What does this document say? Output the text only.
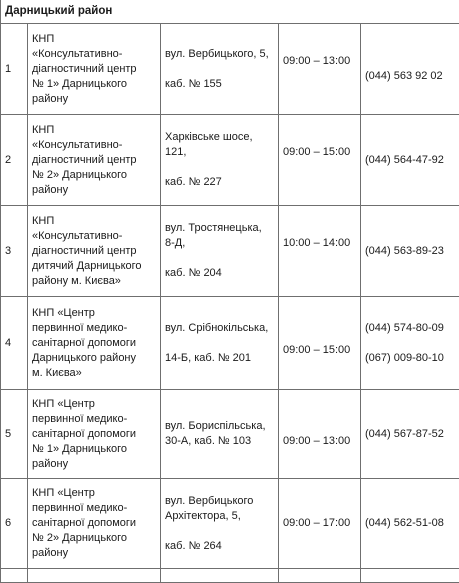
Дарницький район				
1	КНП
«Консультативно-
діагностичний центр
№ 1» Дарницького
району	вул. Вербицького, 5,
каб. № 155	09:00 – 13:00	(044) 563 92 02

2	КНП
«Консультативно-
діагностичний центр
№ 2» Дарницького
району	Харківське шосе,
121,
каб. № 227	09:00 – 15:00	(044) 564-47-92

3	КНП
«Консультативно-
діагностичний центр
дитячий Дарницького
району м. Києва»	вул. Тростянецька,
8-Д,
каб. № 204	10:00 – 14:00	(044) 563-89-23

4	КНП «Центр
первинної медико-
санітарної допомоги
Дарницького району
м. Києва»	вул. Срібнокільська,
14-Б, каб. № 201	09:00 – 15:00	(044) 574-80-09
(067) 009-80-10

5	КНП «Центр
первинної медико-
санітарної допомоги
№ 1» Дарницького
району	вул. Бориспільська,
30-А, каб. № 103	09:00 – 13:00	(044) 567-87-52

6	КНП «Центр
первинної медико-
санітарної допомоги
№ 2» Дарницького
району	вул. Вербицького
Архітектора, 5,
каб. № 264	09:00 – 17:00	(044) 562-51-08
